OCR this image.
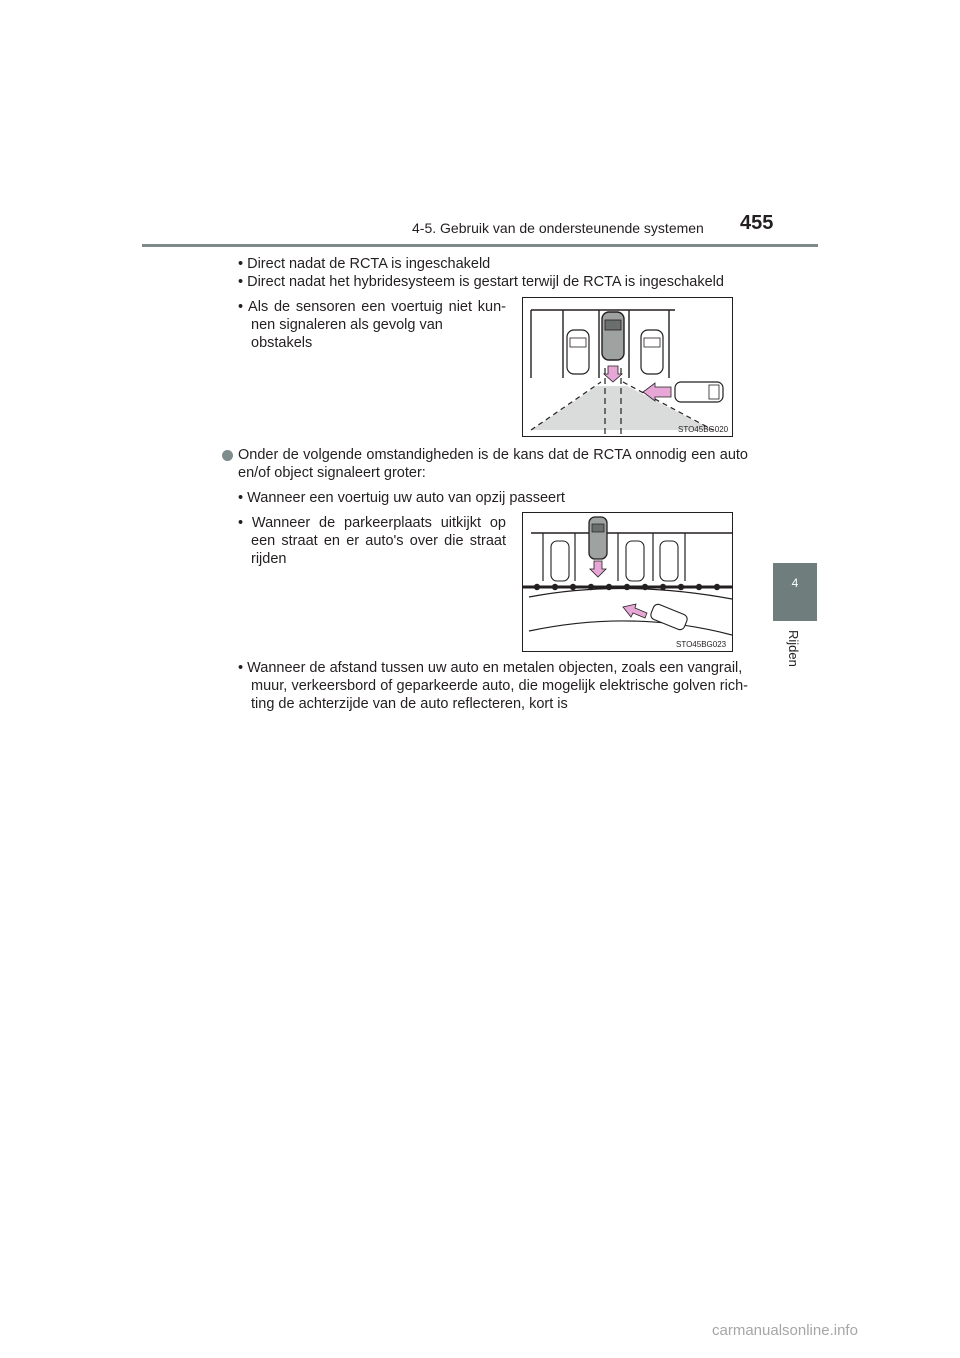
4-5. Gebruik van de ondersteunende systemen 455
4
Rijden
• Direct nadat de RCTA is ingeschakeld
• Direct nadat het hybridesysteem is gestart terwijl de RCTA is ingeschakeld
• Als de sensoren een voertuig niet kun-
nen signaleren als gevolg van obstakels
STO45BG020
Onder de volgende omstandigheden is de kans dat de RCTA onnodig een auto en/of object signaleert groter:
• Wanneer een voertuig uw auto van opzij passeert
• Wanneer de parkeerplaats uitkijkt op
een straat en er auto's over die straat rijden
STO45BG023
• Wanneer de afstand tussen uw auto en metalen objecten, zoals een vangrail,
muur, verkeersbord of geparkeerde auto, die mogelijk elektrische golven rich- ting de achterzijde van de auto reflecteren, kort is
carmanualsonline.info
